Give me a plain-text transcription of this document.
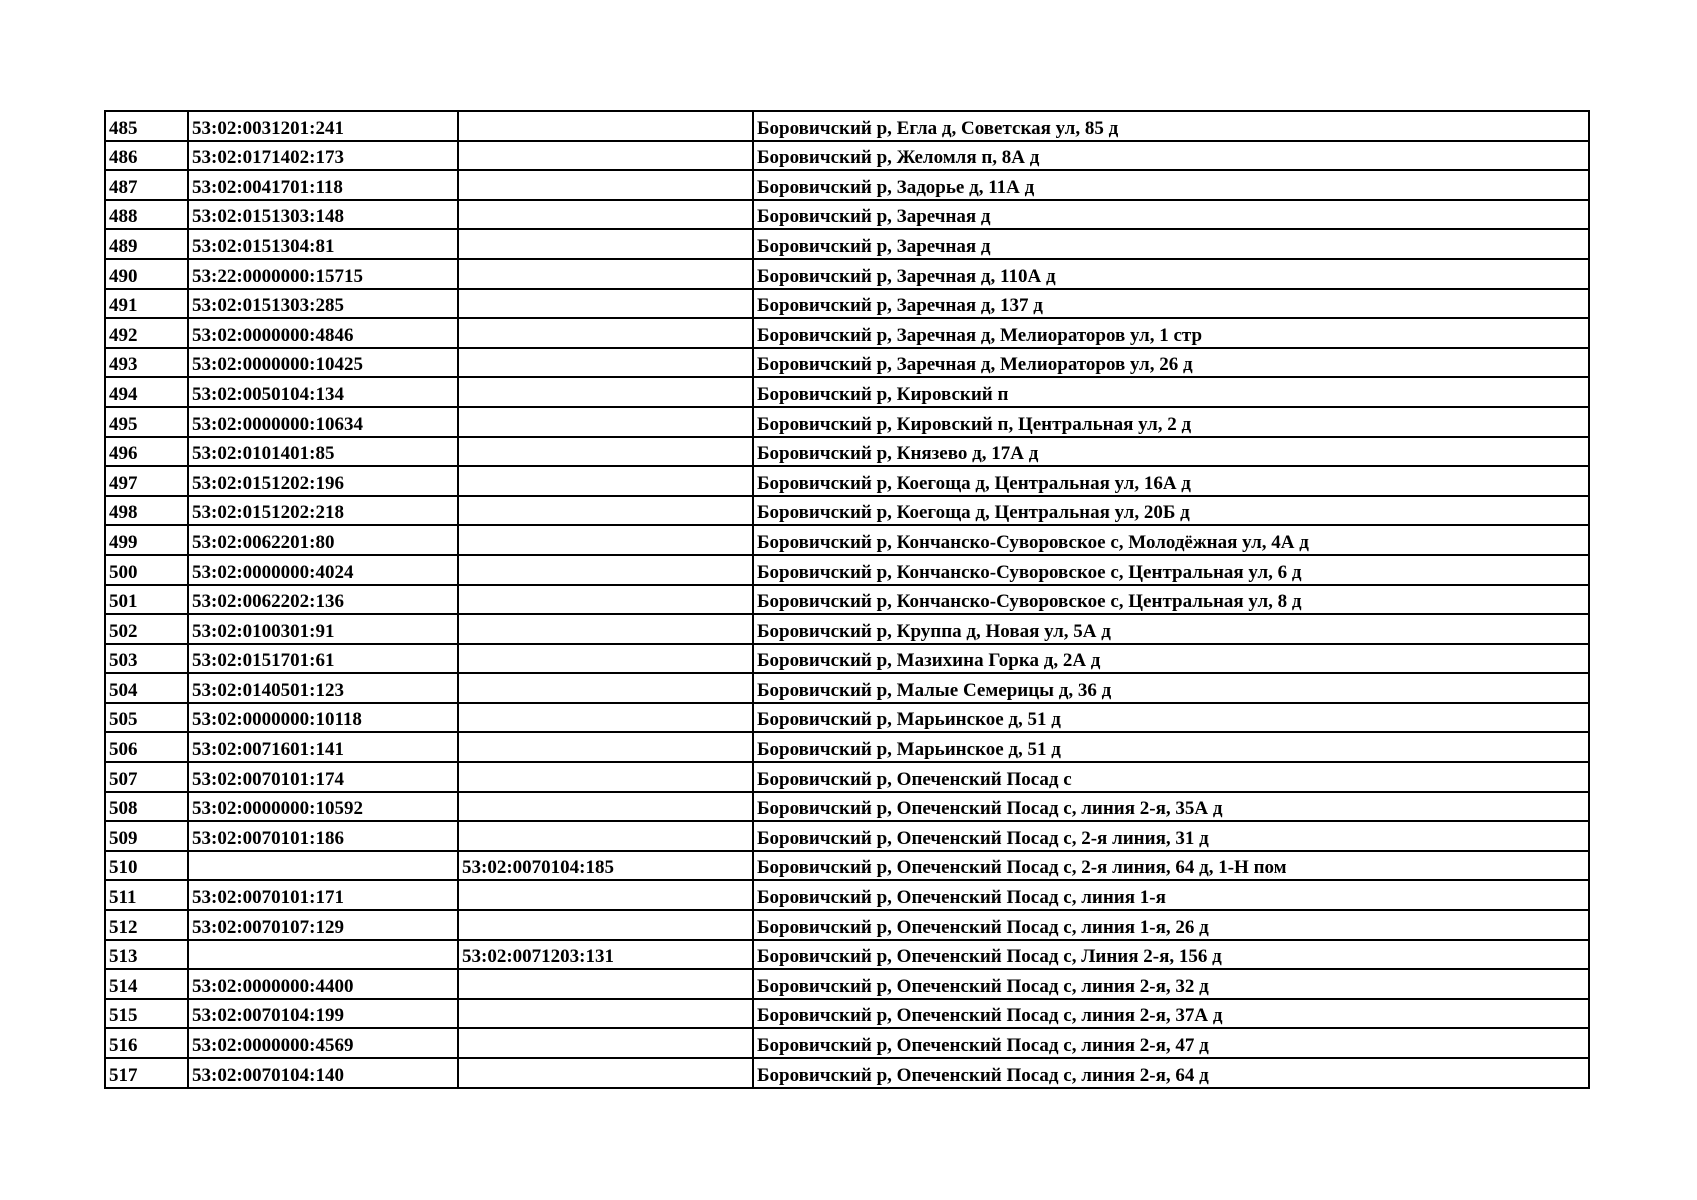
485	53:02:0031201:241		Боровичский р, Егла д, Советская ул, 85 д
486	53:02:0171402:173		Боровичский р, Желомля п, 8А д
487	53:02:0041701:118		Боровичский р, Задорье д, 11А д
488	53:02:0151303:148		Боровичский р, Заречная д
489	53:02:0151304:81		Боровичский р, Заречная д
490	53:22:0000000:15715		Боровичский р, Заречная д, 110А д
491	53:02:0151303:285		Боровичский р, Заречная д, 137 д
492	53:02:0000000:4846		Боровичский р, Заречная д, Мелиораторов ул, 1 стр
493	53:02:0000000:10425		Боровичский р, Заречная д, Мелиораторов ул, 26 д
494	53:02:0050104:134		Боровичский р, Кировский п
495	53:02:0000000:10634		Боровичский р, Кировский п, Центральная ул, 2 д
496	53:02:0101401:85		Боровичский р, Князево д, 17А д
497	53:02:0151202:196		Боровичский р, Коегоща д, Центральная ул, 16А д
498	53:02:0151202:218		Боровичский р, Коегоща д, Центральная ул, 20Б д
499	53:02:0062201:80		Боровичский р, Кончанско-Суворовское с, Молодёжная ул, 4А д
500	53:02:0000000:4024		Боровичский р, Кончанско-Суворовское с, Центральная ул, 6 д
501	53:02:0062202:136		Боровичский р, Кончанско-Суворовское с, Центральная ул, 8 д
502	53:02:0100301:91		Боровичский р, Круппа д, Новая ул, 5А д
503	53:02:0151701:61		Боровичский р, Мазихина Горка д, 2А д
504	53:02:0140501:123		Боровичский р, Малые Семерицы д, 36 д
505	53:02:0000000:10118		Боровичский р, Марьинское д, 51 д
506	53:02:0071601:141		Боровичский р, Марьинское д, 51 д
507	53:02:0070101:174		Боровичский р, Опеченский Посад с
508	53:02:0000000:10592		Боровичский р, Опеченский Посад с, линия 2-я, 35А д
509	53:02:0070101:186		Боровичский р, Опеченский Посад с, 2-я линия, 31 д
510		53:02:0070104:185	Боровичский р, Опеченский Посад с, 2-я линия, 64 д, 1-Н пом
511	53:02:0070101:171		Боровичский р, Опеченский Посад с, линия 1-я
512	53:02:0070107:129		Боровичский р, Опеченский Посад с, линия 1-я, 26 д
513		53:02:0071203:131	Боровичский р, Опеченский Посад с, Линия 2-я, 156 д
514	53:02:0000000:4400		Боровичский р, Опеченский Посад с, линия 2-я, 32 д
515	53:02:0070104:199		Боровичский р, Опеченский Посад с, линия 2-я, 37А д
516	53:02:0000000:4569		Боровичский р, Опеченский Посад с, линия 2-я, 47 д
517	53:02:0070104:140		Боровичский р, Опеченский Посад с, линия 2-я, 64 д
